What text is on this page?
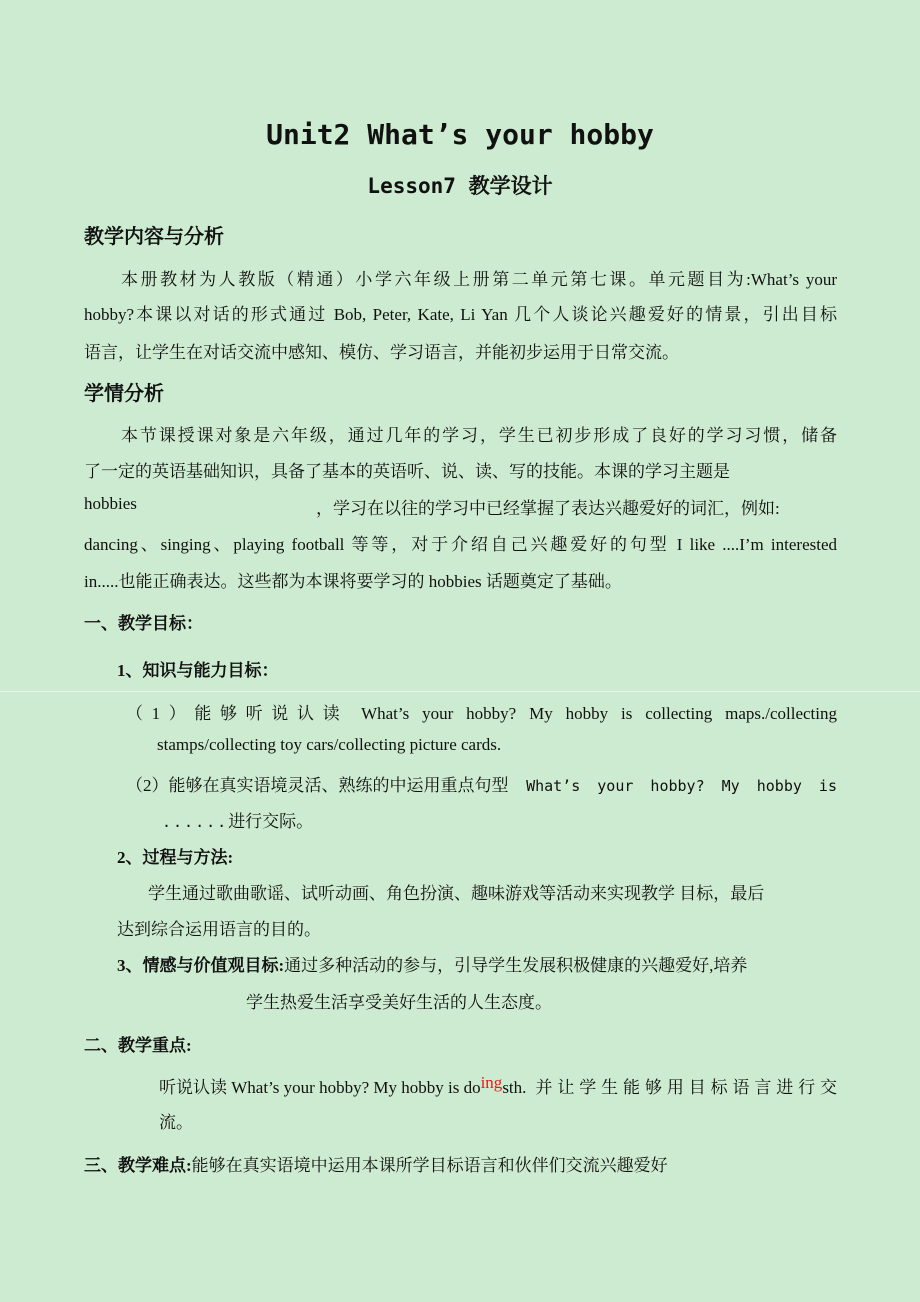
Unit2 What’s your hobby
Lesson7 教学设计
教学内容与分析
本册教材为人教版（精通）小学六年级上册第二单元第七课。单元题目为:What’s your
hobby?本课以对话的形式通过 Bob, Peter, Kate, Li Yan 几个人谈论兴趣爱好的情景，引出目标
语言，让学生在对话交流中感知、模仿、学习语言，并能初步运用于日常交流。
学情分析
本节课授课对象是六年级，通过几年的学习，学生已初步形成了良好的学习习惯，储备
了一定的英语基础知识，具备了基本的英语听、说、读、写的技能。本课的学习主题是
hobbies	，学习在以往的学习中已经掌握了表达兴趣爱好的词汇，例如:
dancing、singing、playing football 等等，对于介绍自己兴趣爱好的句型 I like ....I’m interested
in.....也能正确表达。这些都为本课将要学习的 hobbies 话题奠定了基础。
一、教学目标：
1、知识与能力目标：
（1）能够听说认读 What’s your hobby? My hobby is collecting maps./collecting
stamps/collecting toy cars/collecting picture cards.
（2）能够在真实语境灵活、熟练的中运用重点句型 What’s your hobby? My hobby is
......进行交际。
2、过程与方法:
学生通过歌曲歌谣、试听动画、角色扮演、趣味游戏等活动来实现教学 目标，最后
达到综合运用语言的目的。
3、情感与价值观目标:通过多种活动的参与，引导学生发展积极健康的兴趣爱好,培养
学生热爱生活享受美好生活的人生态度。
二、教学重点:
听说认读 What’s your hobby? My hobby is do ing sth. 并让学生能够用目标语言进行交
流。
三、教学难点:能够在真实语境中运用本课所学目标语言和伙伴们交流兴趣爱好
